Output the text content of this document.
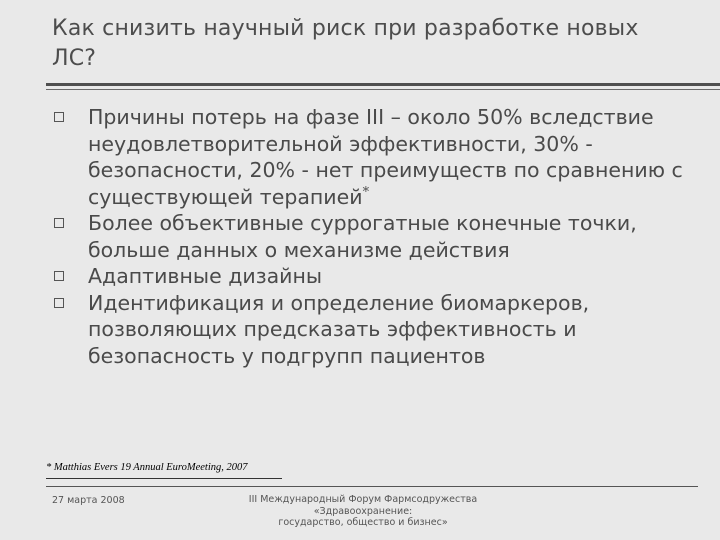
Как снизить научный риск при разработке новых ЛС?
Причины потерь на фазе III – около 50% вследствие неудовлетворительной эффективности, 30% - безопасности, 20% - нет преимуществ по сравнению с существующей терапией*
Более объективные суррогатные конечные точки, больше данных о механизме действия
Адаптивные дизайны
Идентификация и определение биомаркеров, позволяющих предсказать эффективность и безопасность у подгрупп пациентов
* Matthias Evers 19 Annual EuroMeeting, 2007
27 марта 2008	III Международный Форум Фармсодружества
«Здравоохранение:
государство, общество и бизнес»
